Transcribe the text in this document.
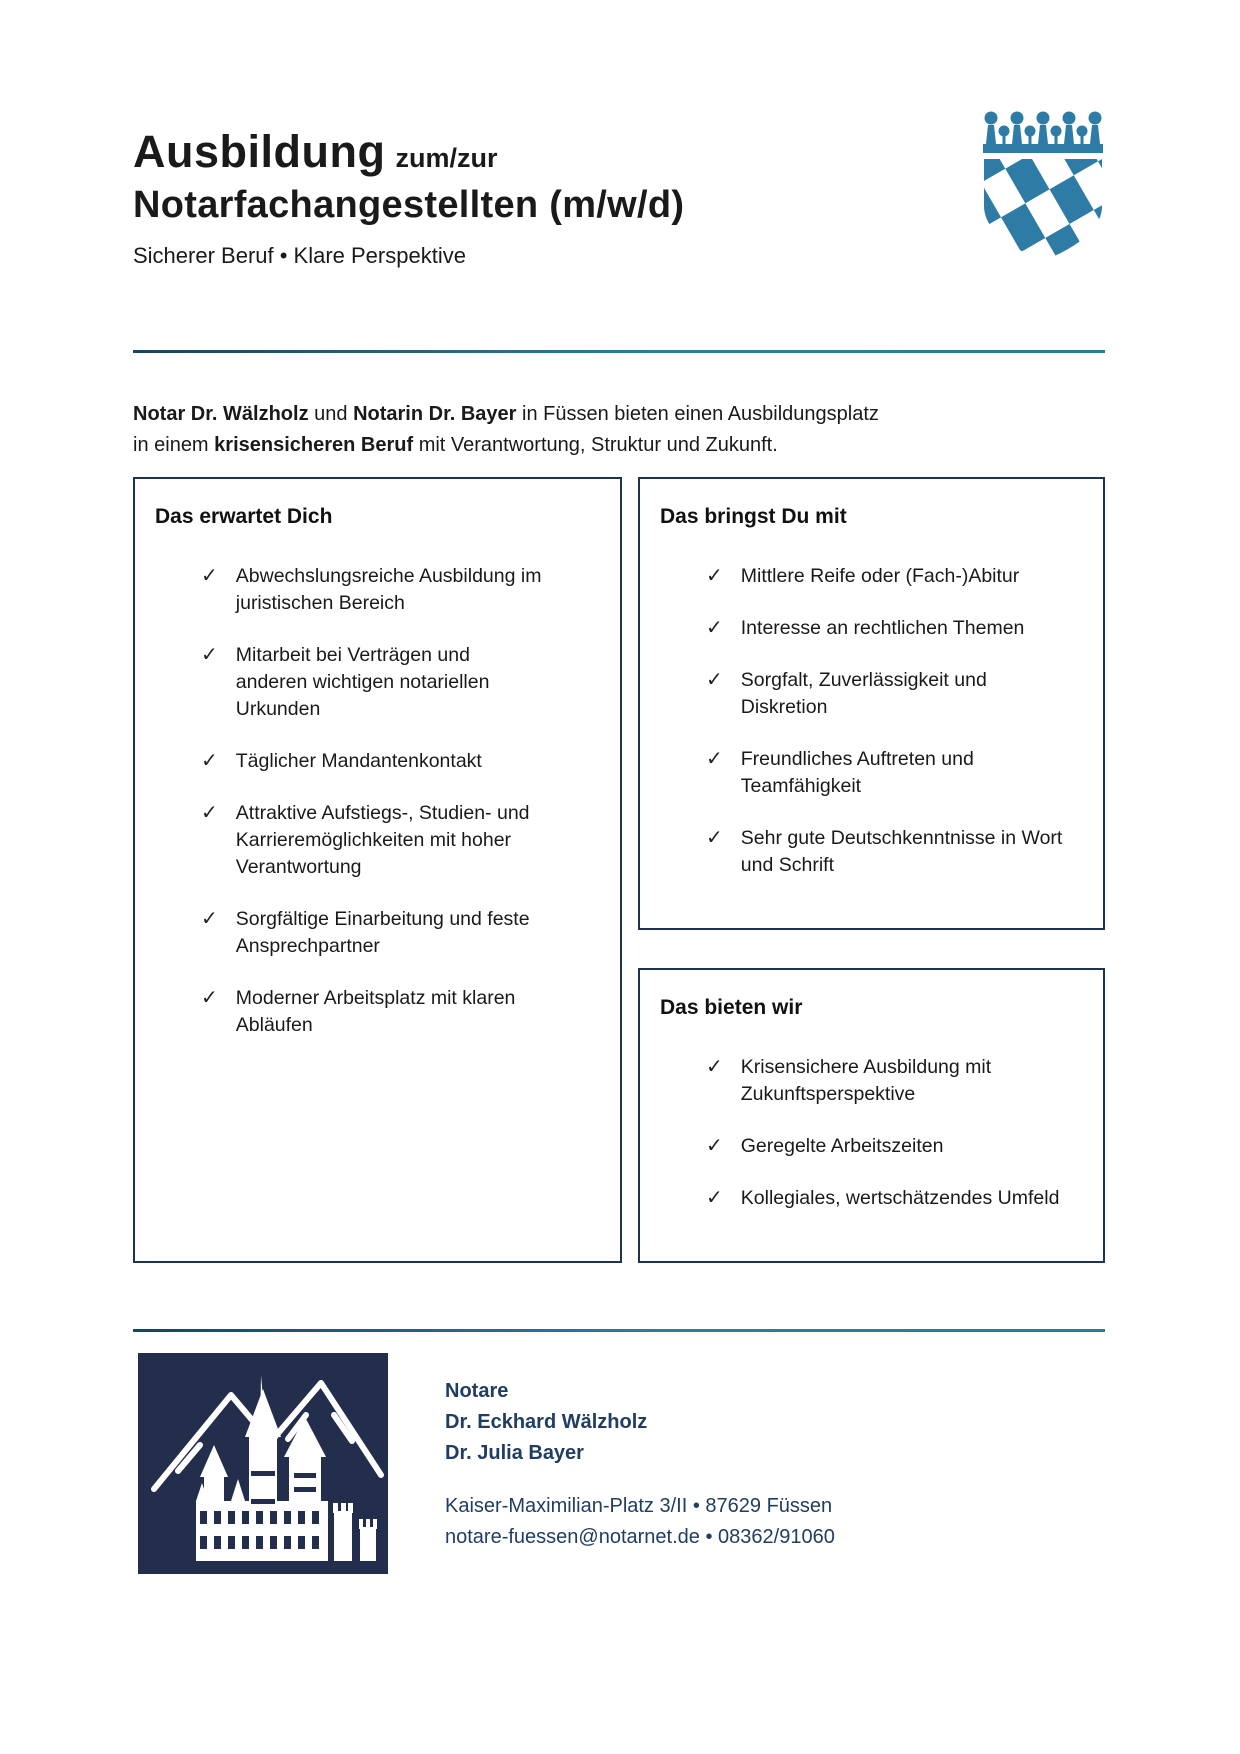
Ausbildung zum/zur
Notarfachangestellten (m/w/d)
Sicherer Beruf • Klare Perspektive

Notar Dr. Wälzholz und Notarin Dr. Bayer in Füssen bieten einen Ausbildungsplatz
in einem krisensicheren Beruf mit Verantwortung, Struktur und Zukunft.

Das erwartet Dich
✓ Abwechslungsreiche Ausbildung im juristischen Bereich
✓ Mitarbeit bei Verträgen und anderen wichtigen notariellen Urkunden
✓ Täglicher Mandantenkontakt
✓ Attraktive Aufstiegs-, Studien- und Karrieremöglichkeiten mit hoher Verantwortung
✓ Sorgfältige Einarbeitung und feste Ansprechpartner
✓ Moderner Arbeitsplatz mit klaren Abläufen
Das bringst Du mit
✓ Mittlere Reife oder (Fach-)Abitur
✓ Interesse an rechtlichen Themen
✓ Sorgfalt, Zuverlässigkeit und Diskretion
✓ Freundliches Auftreten und Teamfähigkeit
✓ Sehr gute Deutschkenntnisse in Wort und Schrift
Das bieten wir
✓ Krisensichere Ausbildung mit Zukunftsperspektive
✓ Geregelte Arbeitszeiten
✓ Kollegiales, wertschätzendes Umfeld
Notare
Dr. Eckhard Wälzholz
Dr. Julia Bayer
Kaiser-Maximilian-Platz 3/II • 87629 Füssen
notare-fuessen@notarnet.de • 08362/91060
